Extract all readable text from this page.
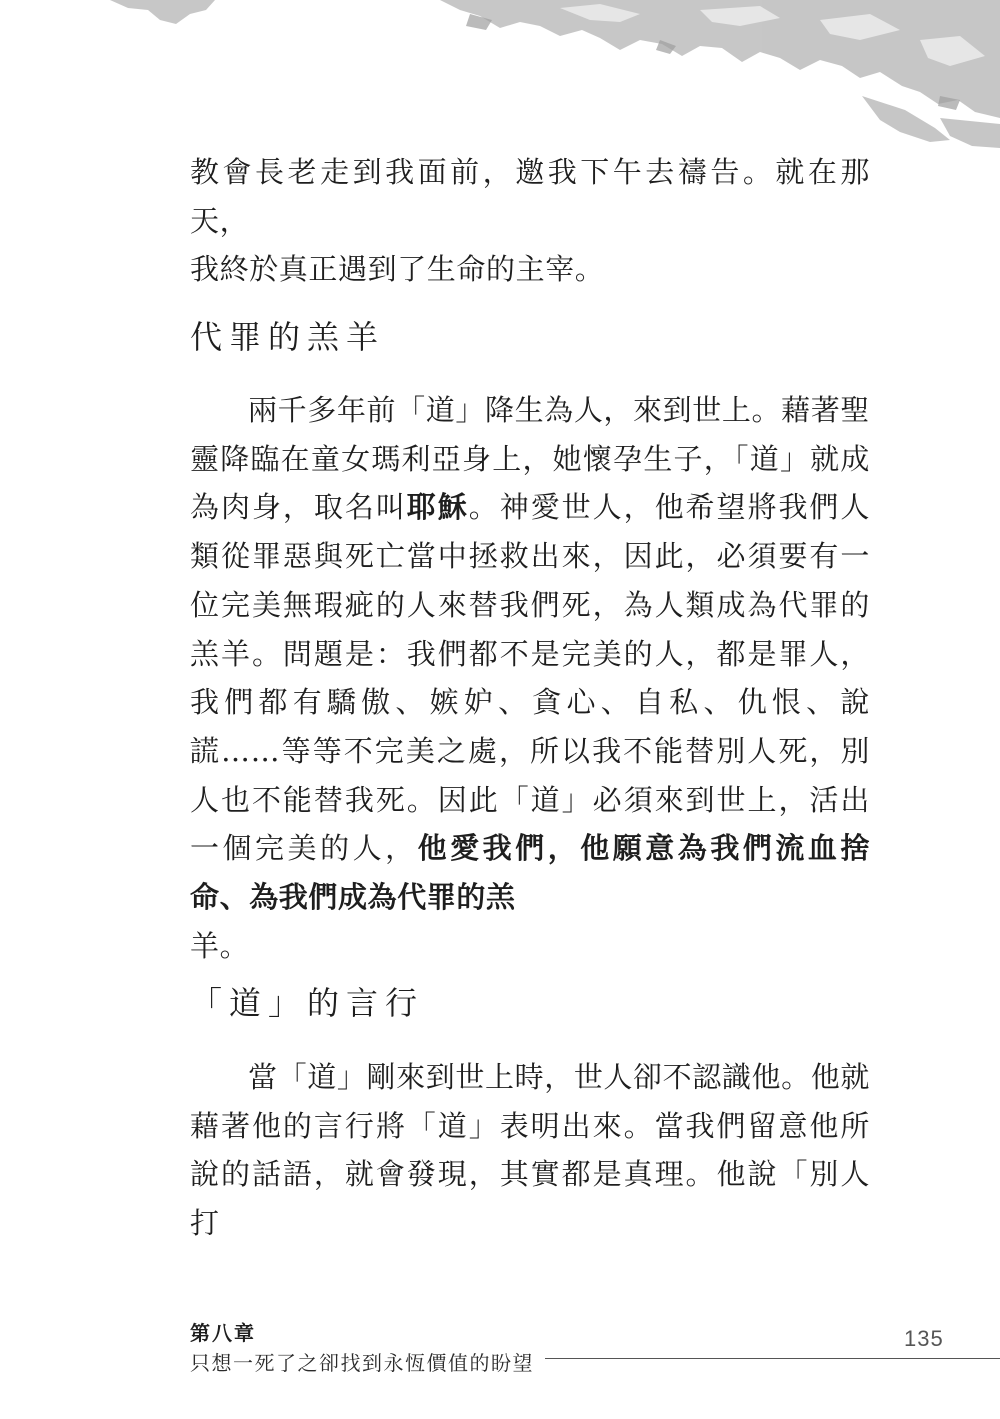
教會長老走到我面前，邀我下午去禱告。就在那天，

我終於真正遇到了生命的主宰。

代罪的羔羊

兩千多年前「道」降生為人，來到世上。藉著聖靈降臨在童女瑪利亞身上，她懷孕生子，「道」就成為肉身，取名叫耶穌。神愛世人，他希望將我們人類從罪惡與死亡當中拯救出來，因此，必須要有一位完美無瑕疵的人來替我們死，為人類成為代罪的羔羊。問題是：我們都不是完美的人，都是罪人，我們都有驕傲、嫉妒、貪心、自私、仇恨、說謊……等等不完美之處，所以我不能替別人死，別人也不能替我死。因此「道」必須來到世上，活出一個完美的人，他愛我們，他願意為我們流血捨命、為我們成為代罪的羔
羊。

「道」的言行

當「道」剛來到世上時，世人卻不認識他。他就藉著他的言行將「道」表明出來。當我們留意他所說的話語，就會發現，其實都是真理。他說「別人打

第八章
只想一死了之卻找到永恆價值的盼望
135
